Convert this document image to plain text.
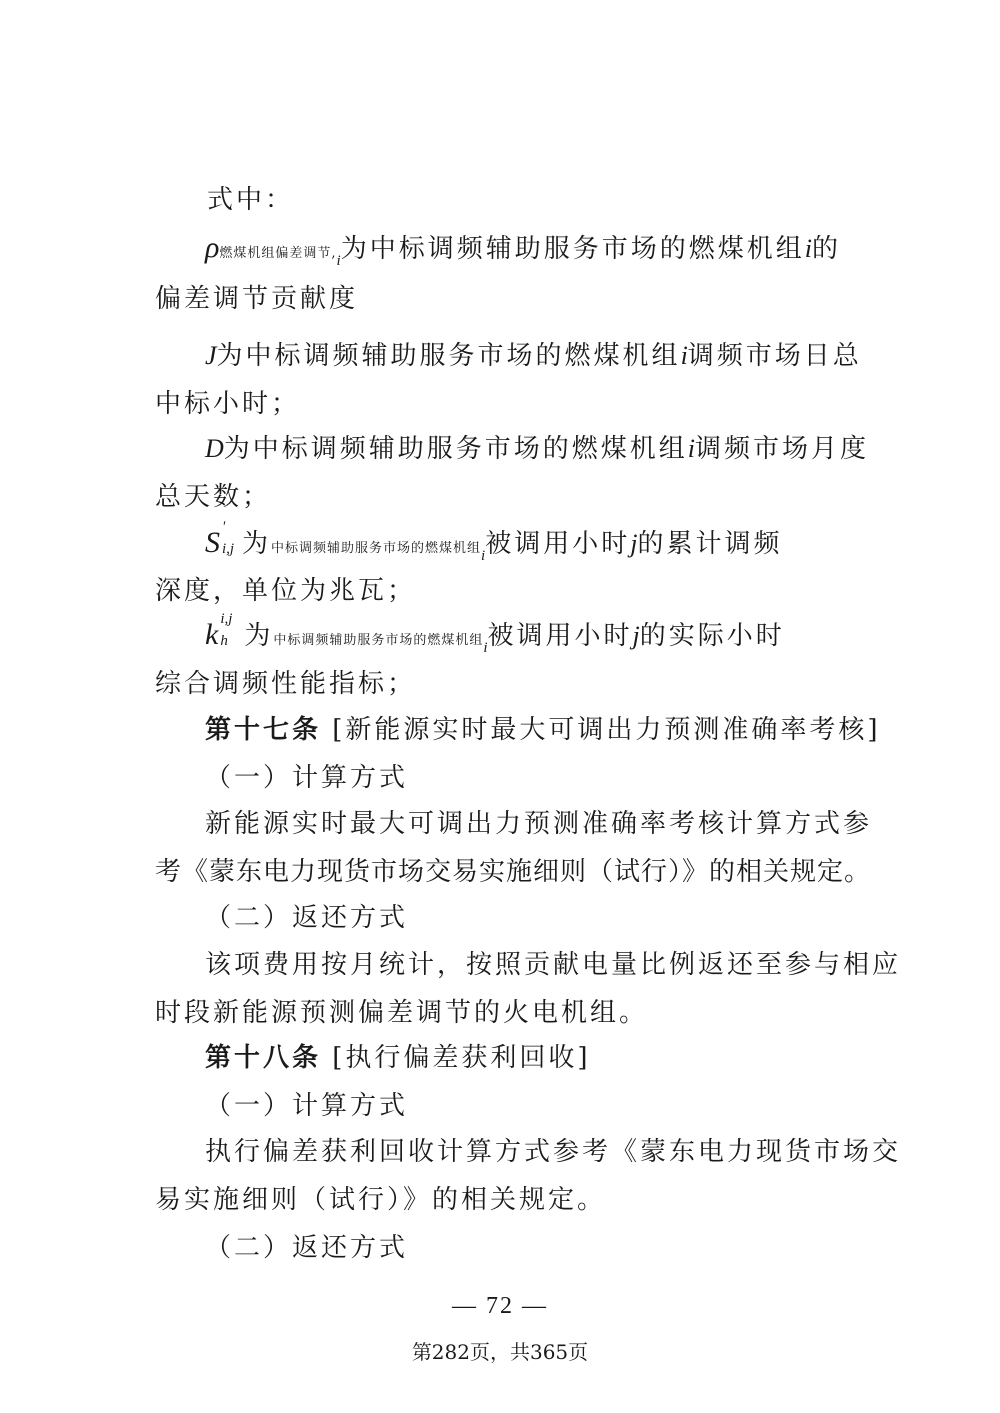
式中：
ρ燃煤机组偏差调节$,_i$为中标调频辅助服务市场的燃煤机组i的
偏差调节贡献度
J为中标调频辅助服务市场的燃煤机组i调频市场日总
中标小时；
D为中标调频辅助服务市场的燃煤机组i调频市场月度
总天数；
S '
i,j 为中标调频辅助服务市场的燃煤机组$_i$被调用小时j的累计调频
深度，单位为兆瓦；
k i,j
h 为中标调频辅助服务市场的燃煤机组$_i$被调用小时j的实际小时
综合调频性能指标；
第十七条 [新能源实时最大可调出力预测准确率考核]
（一）计算方式
新能源实时最大可调出力预测准确率考核计算方式参
考《蒙东电力现货市场交易实施细则（试行）》的相关规定。
（二）返还方式
该项费用按月统计，按照贡献电量比例返还至参与相应
时段新能源预测偏差调节的火电机组。
第十八条 [执行偏差获利回收]
（一）计算方式
执行偏差获利回收计算方式参考《蒙东电力现货市场交
易实施细则（试行）》的相关规定。
（二）返还方式
— 72 —
第282页，共365页
